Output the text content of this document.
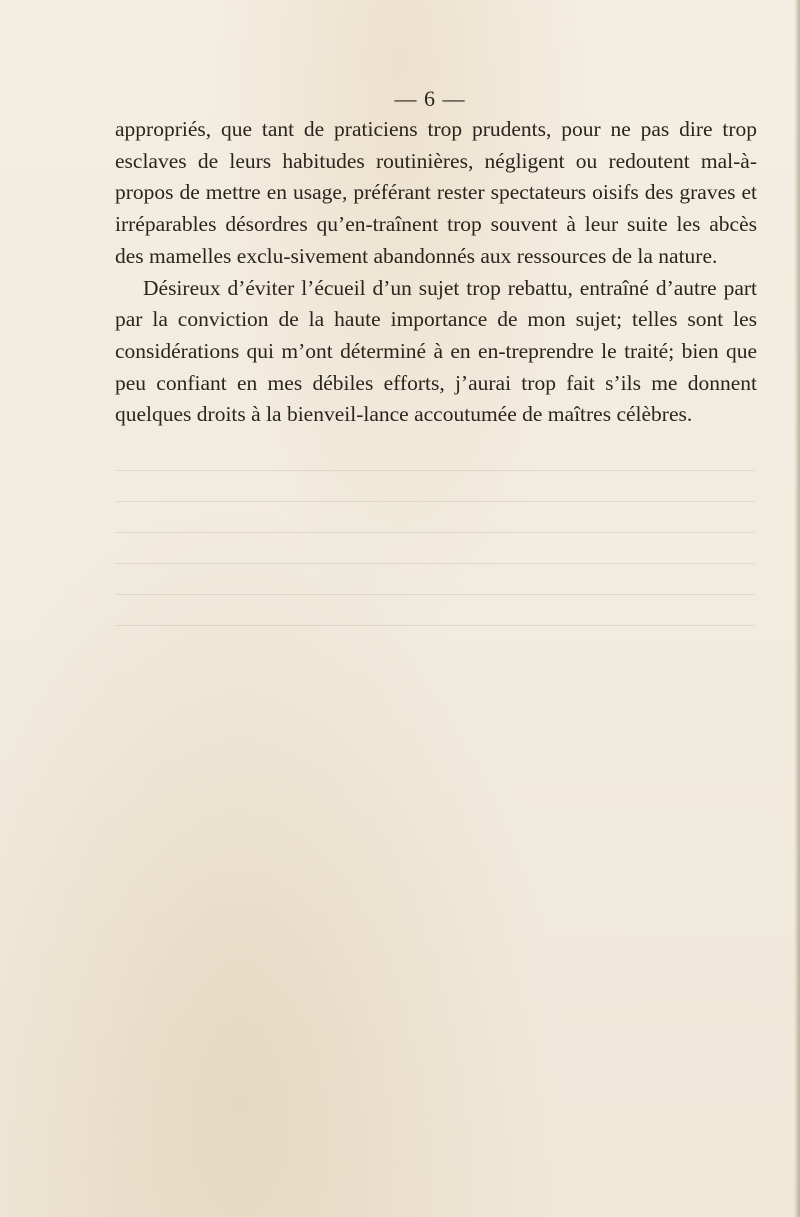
— 6 —

appropriés, que tant de praticiens trop prudents, pour ne pas dire trop esclaves de leurs habitudes routinières, négligent ou redoutent mal-à-propos de mettre en usage, préférant rester spectateurs oisifs des graves et irréparables désordres qu’en-traînent trop souvent à leur suite les abcès des mamelles exclu-sivement abandonnés aux ressources de la nature.

Désireux d’éviter l’écueil d’un sujet trop rebattu, entraîné d’autre part par la conviction de la haute importance de mon sujet; telles sont les considérations qui m’ont déterminé à en en-treprendre le traité; bien que peu confiant en mes débiles efforts, j’aurai trop fait s’ils me donnent quelques droits à la bienveil-lance accoutumée de maîtres célèbres.
